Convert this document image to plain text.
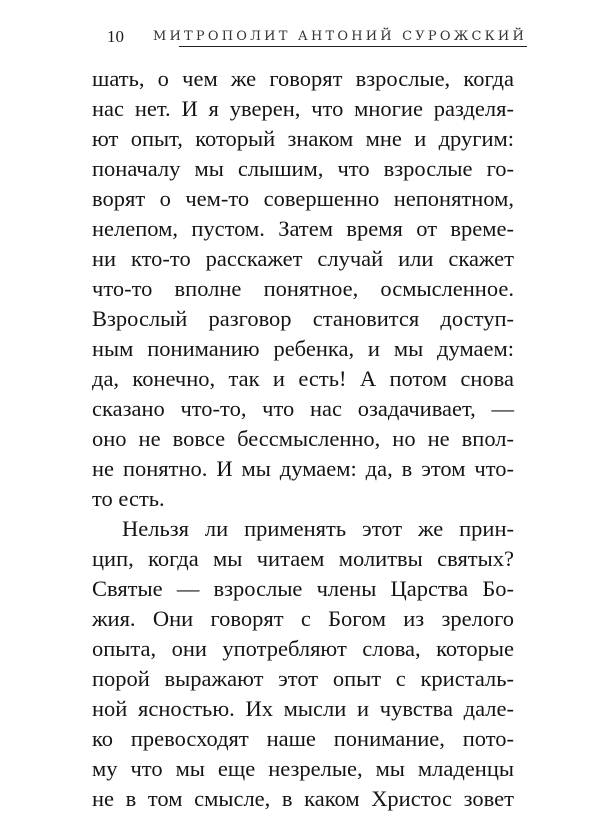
10 МИТРОПОЛИТ АНТОНИЙ СУРОЖСКИЙ
шать, о чем же говорят взрослые, когда
нас нет. И я уверен, что многие разделя-
ют опыт, который знаком мне и другим:
поначалу мы слышим, что взрослые го-
ворят о чем-то совершенно непонятном,
нелепом, пустом. Затем время от време-
ни кто-то расскажет случай или скажет
что-то вполне понятное, осмысленное.
Взрослый разговор становится доступ-
ным пониманию ребенка, и мы думаем:
да, конечно, так и есть! А потом снова
сказано что-то, что нас озадачивает, —
оно не вовсе бессмысленно, но не впол-
не понятно. И мы думаем: да, в этом что-
то есть.
Нельзя ли применять этот же прин-
цип, когда мы читаем молитвы святых?
Святые — взрослые члены Царства Бо-
жия. Они говорят с Богом из зрелого
опыта, они употребляют слова, которые
порой выражают этот опыт с кристаль-
ной ясностью. Их мысли и чувства дале-
ко превосходят наше понимание, пото-
му что мы еще незрелые, мы младенцы
не в том смысле, в каком Христос зовет
